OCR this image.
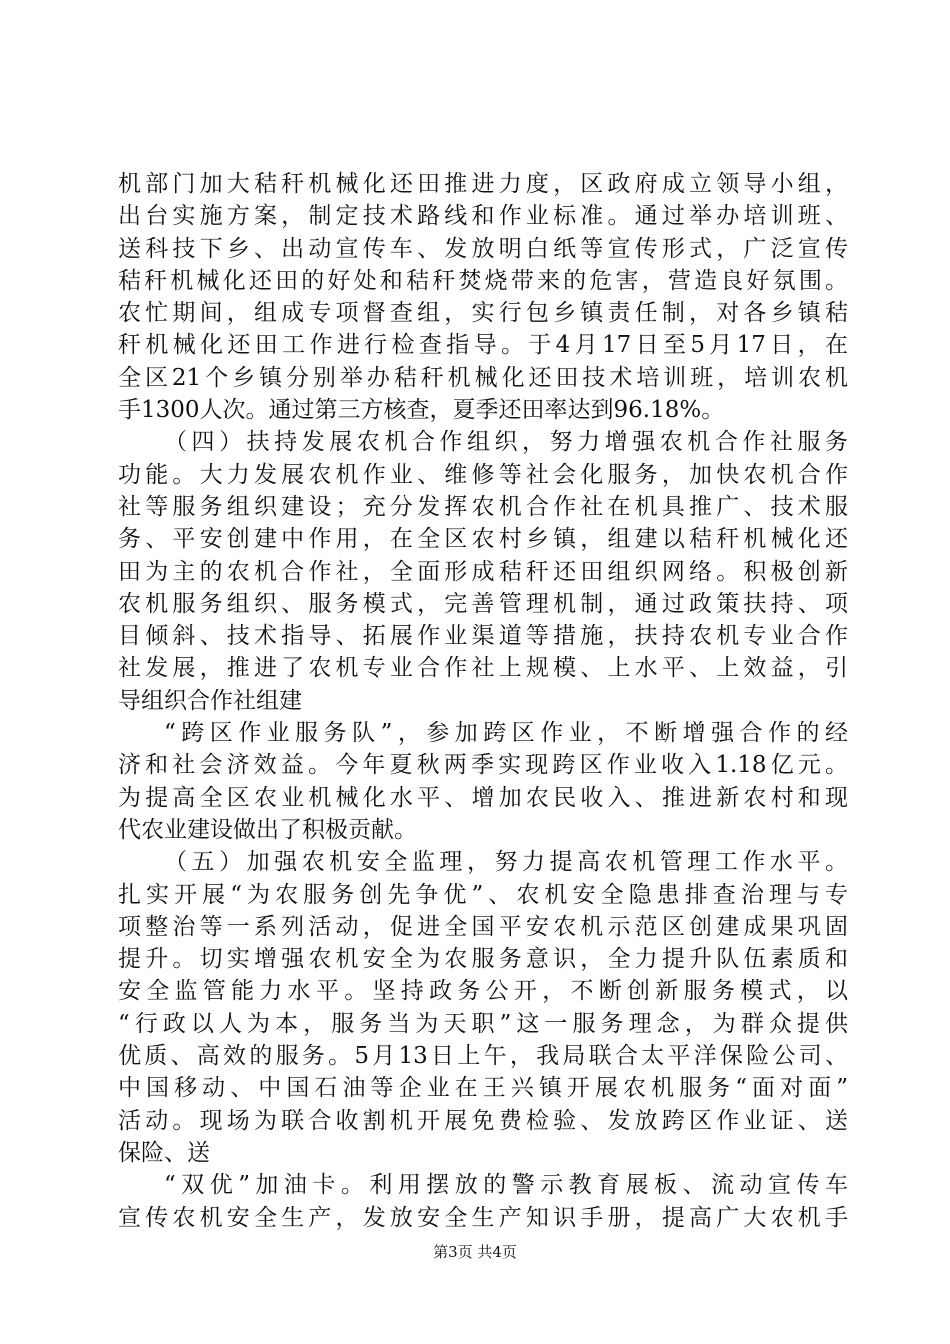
机部门加大秸秆机械化还田推进力度，区政府成立领导小组，
出台实施方案，制定技术路线和作业标准。通过举办培训班、
送科技下乡、出动宣传车、发放明白纸等宣传形式，广泛宣传
秸秆机械化还田的好处和秸秆焚烧带来的危害，营造良好氛围。
农忙期间，组成专项督查组，实行包乡镇责任制，对各乡镇秸
秆机械化还田工作进行检查指导。于4月17日至5月17日，在
全区21个乡镇分别举办秸秆机械化还田技术培训班，培训农机
手1300人次。通过第三方核查，夏季还田率达到96.18%。
（四）扶持发展农机合作组织，努力增强农机合作社服务
功能。大力发展农机作业、维修等社会化服务，加快农机合作
社等服务组织建设；充分发挥农机合作社在机具推广、技术服
务、平安创建中作用，在全区农村乡镇，组建以秸秆机械化还
田为主的农机合作社，全面形成秸秆还田组织网络。积极创新
农机服务组织、服务模式，完善管理机制，通过政策扶持、项
目倾斜、技术指导、拓展作业渠道等措施，扶持农机专业合作
社发展，推进了农机专业合作社上规模、上水平、上效益，引
导组织合作社组建
“跨区作业服务队”，参加跨区作业，不断增强合作的经
济和社会济效益。今年夏秋两季实现跨区作业收入1.18亿元。
为提高全区农业机械化水平、增加农民收入、推进新农村和现
代农业建设做出了积极贡献。
（五）加强农机安全监理，努力提高农机管理工作水平。
扎实开展“为农服务创先争优”、农机安全隐患排查治理与专
项整治等一系列活动，促进全国平安农机示范区创建成果巩固
提升。切实增强农机安全为农服务意识，全力提升队伍素质和
安全监管能力水平。坚持政务公开，不断创新服务模式，以
“行政以人为本，服务当为天职”这一服务理念，为群众提供
优质、高效的服务。5月13日上午，我局联合太平洋保险公司、
中国移动、中国石油等企业在王兴镇开展农机服务“面对面”
活动。现场为联合收割机开展免费检验、发放跨区作业证、送
保险、送
“双优”加油卡。利用摆放的警示教育展板、流动宣传车
宣传农机安全生产，发放安全生产知识手册，提高广大农机手
第3页 共4页
